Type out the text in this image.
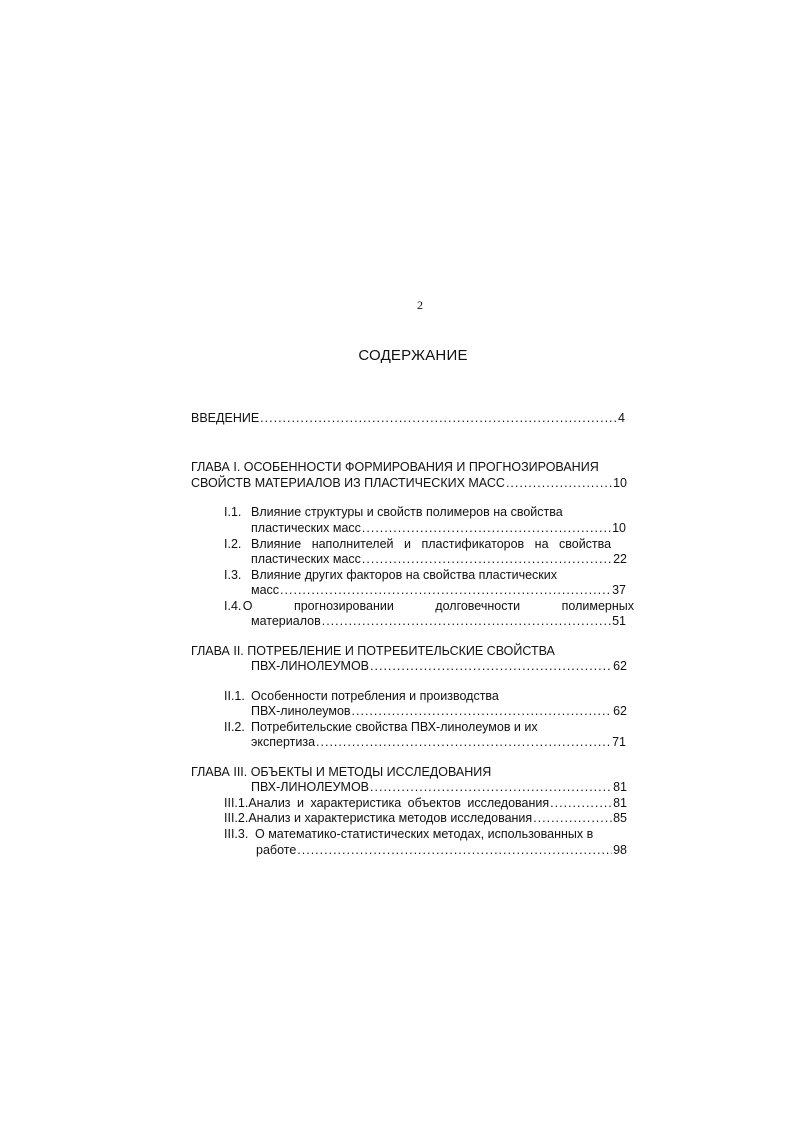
2
СОДЕРЖАНИЕ
ВВЕДЕНИЕ .....	4
ГЛАВА I. ОСОБЕННОСТИ ФОРМИРОВАНИЯ И ПРОГНОЗИРОВАНИЯ
СВОЙСТВ МАТЕРИАЛОВ ИЗ ПЛАСТИЧЕСКИХ МАСС .....	10
I.1. Влияние структуры и свойств полимеров на свойства
пластических масс .....	10
I.2. Влияние наполнителей и пластификаторов на свойства
пластических масс .....	22
I.3. Влияние других факторов на свойства пластических
масс .....	37
I.4. О прогнозировании долговечности полимерных
материалов .....	51
ГЛАВА II. ПОТРЕБЛЕНИЕ И ПОТРЕБИТЕЛЬСКИЕ СВОЙСТВА
ПВХ-ЛИНОЛЕУМОВ .....	62
II.1. Особенности потребления и производства
ПВХ-линолеумов .....	62
II.2. Потребительские свойства ПВХ-линолеумов и их
экспертиза .....	71
ГЛАВА III. ОБЪЕКТЫ И МЕТОДЫ ИССЛЕДОВАНИЯ
ПВХ-ЛИНОЛЕУМОВ .....	81
III.1. Анализ и характеристика объектов исследования .....	81
III.2. Анализ и характеристика методов исследования .....	85
III.3. О математико-статистических методах, использованных в
работе .....	98
